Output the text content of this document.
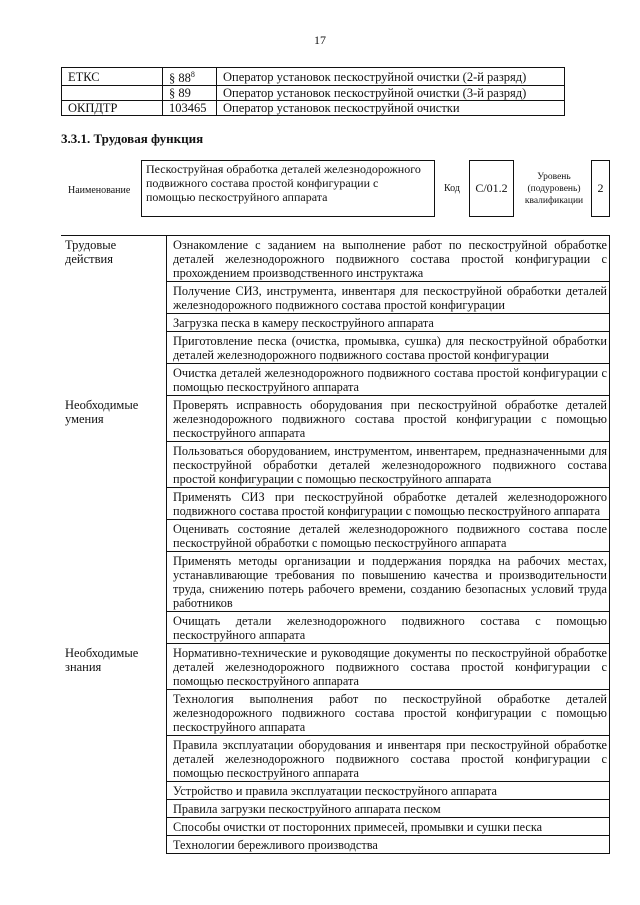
17
ЕТКС	§ $88^8$	Оператор установок пескоструйной очистки (2-й разряд)
	§ 89	Оператор установок пескоструйной очистки (3-й разряд)
ОКПДТР	103465	Оператор установок пескоструйной очистки
3.3.1. Трудовая функция
Наименование
Пескоструйная обработка деталей железнодорожного подвижного состава простой конфигурации с помощью пескоструйного аппарата
Код	С/01.2
Уровень (подуровень) квалификации
2
Трудовые действия
Ознакомление с заданием на выполнение работ по пескоструйной обработке деталей железнодорожного подвижного состава простой конфигурации с прохождением производственного инструктажа
Получение СИЗ, инструмента, инвентаря для пескоструйной обработки деталей железнодорожного подвижного состава простой конфигурации
Загрузка песка в камеру пескоструйного аппарата
Приготовление песка (очистка, промывка, сушка) для пескоструйной обработки деталей железнодорожного подвижного состава простой конфигурации
Очистка деталей железнодорожного подвижного состава простой конфигурации с помощью пескоструйного аппарата
Необходимые умения
Проверять исправность оборудования при пескоструйной обработке деталей железнодорожного подвижного состава простой конфигурации с помощью пескоструйного аппарата
Пользоваться оборудованием, инструментом, инвентарем, предназначенными для пескоструйной обработки деталей железнодорожного подвижного состава простой конфигурации с помощью пескоструйного аппарата
Применять СИЗ при пескоструйной обработке деталей железнодорожного подвижного состава простой конфигурации с помощью пескоструйного аппарата
Оценивать состояние деталей железнодорожного подвижного состава после пескоструйной обработки с помощью пескоструйного аппарата
Применять методы организации и поддержания порядка на рабочих местах, устанавливающие требования по повышению качества и производительности труда, снижению потерь рабочего времени, созданию безопасных условий труда работников
Очищать детали железнодорожного подвижного состава с помощью пескоструйного аппарата
Необходимые знания
Нормативно-технические и руководящие документы по пескоструйной обработке деталей железнодорожного подвижного состава простой конфигурации с помощью пескоструйного аппарата
Технология выполнения работ по пескоструйной обработке деталей железнодорожного подвижного состава простой конфигурации с помощью пескоструйного аппарата
Правила эксплуатации оборудования и инвентаря при пескоструйной обработке деталей железнодорожного подвижного состава простой конфигурации с помощью пескоструйного аппарата
Устройство и правила эксплуатации пескоструйного аппарата
Правила загрузки пескоструйного аппарата песком
Способы очистки от посторонних примесей, промывки и сушки песка
Технологии бережливого производства
